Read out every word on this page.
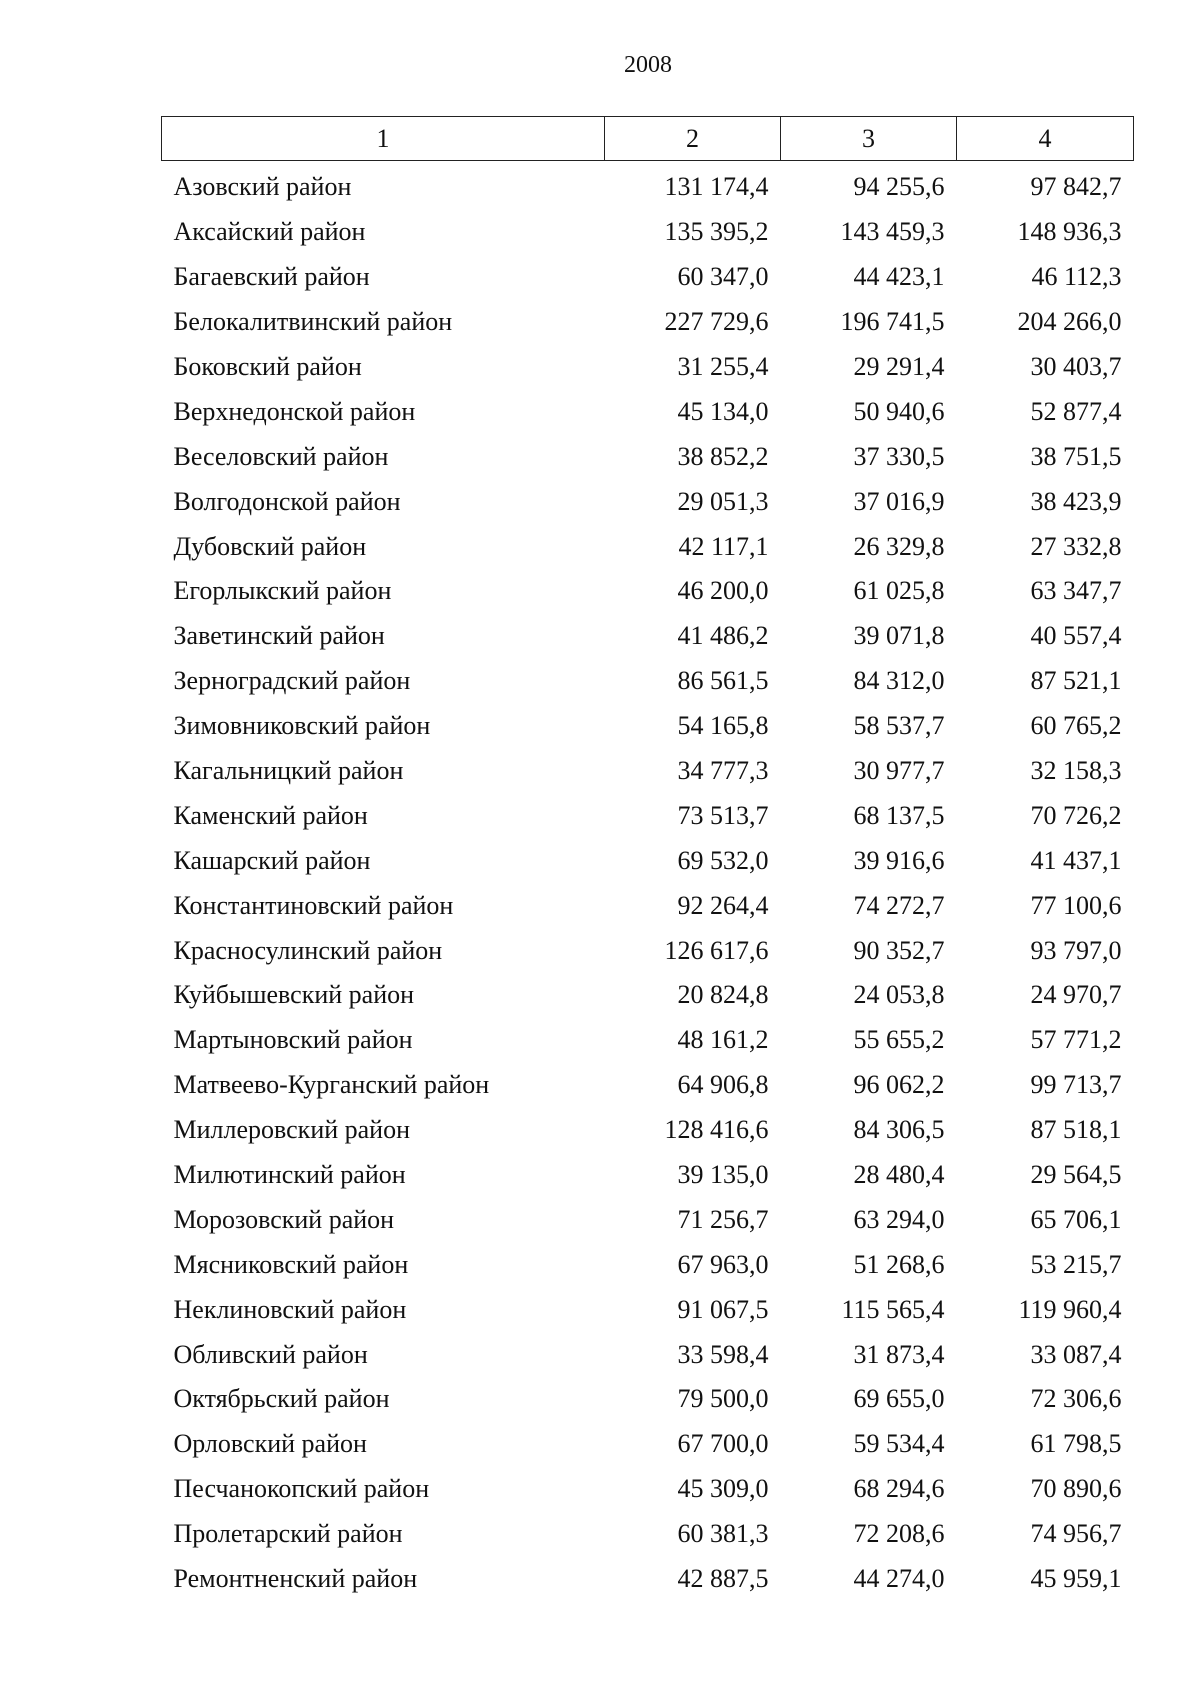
2008
1	2	3	4
Азовский район	131 174,4	94 255,6	97 842,7
Аксайский район	135 395,2	143 459,3	148 936,3
Багаевский район	60 347,0	44 423,1	46 112,3
Белокалитвинский район	227 729,6	196 741,5	204 266,0
Боковский район	31 255,4	29 291,4	30 403,7
Верхнедонской район	45 134,0	50 940,6	52 877,4
Веселовский район	38 852,2	37 330,5	38 751,5
Волгодонской район	29 051,3	37 016,9	38 423,9
Дубовский район	42 117,1	26 329,8	27 332,8
Егорлыкский район	46 200,0	61 025,8	63 347,7
Заветинский район	41 486,2	39 071,8	40 557,4
Зерноградский район	86 561,5	84 312,0	87 521,1
Зимовниковский район	54 165,8	58 537,7	60 765,2
Кагальницкий район	34 777,3	30 977,7	32 158,3
Каменский район	73 513,7	68 137,5	70 726,2
Кашарский район	69 532,0	39 916,6	41 437,1
Константиновский район	92 264,4	74 272,7	77 100,6
Красносулинский район	126 617,6	90 352,7	93 797,0
Куйбышевский район	20 824,8	24 053,8	24 970,7
Мартыновский район	48 161,2	55 655,2	57 771,2
Матвеево-Курганский район	64 906,8	96 062,2	99 713,7
Миллеровский район	128 416,6	84 306,5	87 518,1
Милютинский район	39 135,0	28 480,4	29 564,5
Морозовский район	71 256,7	63 294,0	65 706,1
Мясниковский район	67 963,0	51 268,6	53 215,7
Неклиновский район	91 067,5	115 565,4	119 960,4
Обливский район	33 598,4	31 873,4	33 087,4
Октябрьский район	79 500,0	69 655,0	72 306,6
Орловский район	67 700,0	59 534,4	61 798,5
Песчанокопский район	45 309,0	68 294,6	70 890,6
Пролетарский район	60 381,3	72 208,6	74 956,7
Ремонтненский район	42 887,5	44 274,0	45 959,1
